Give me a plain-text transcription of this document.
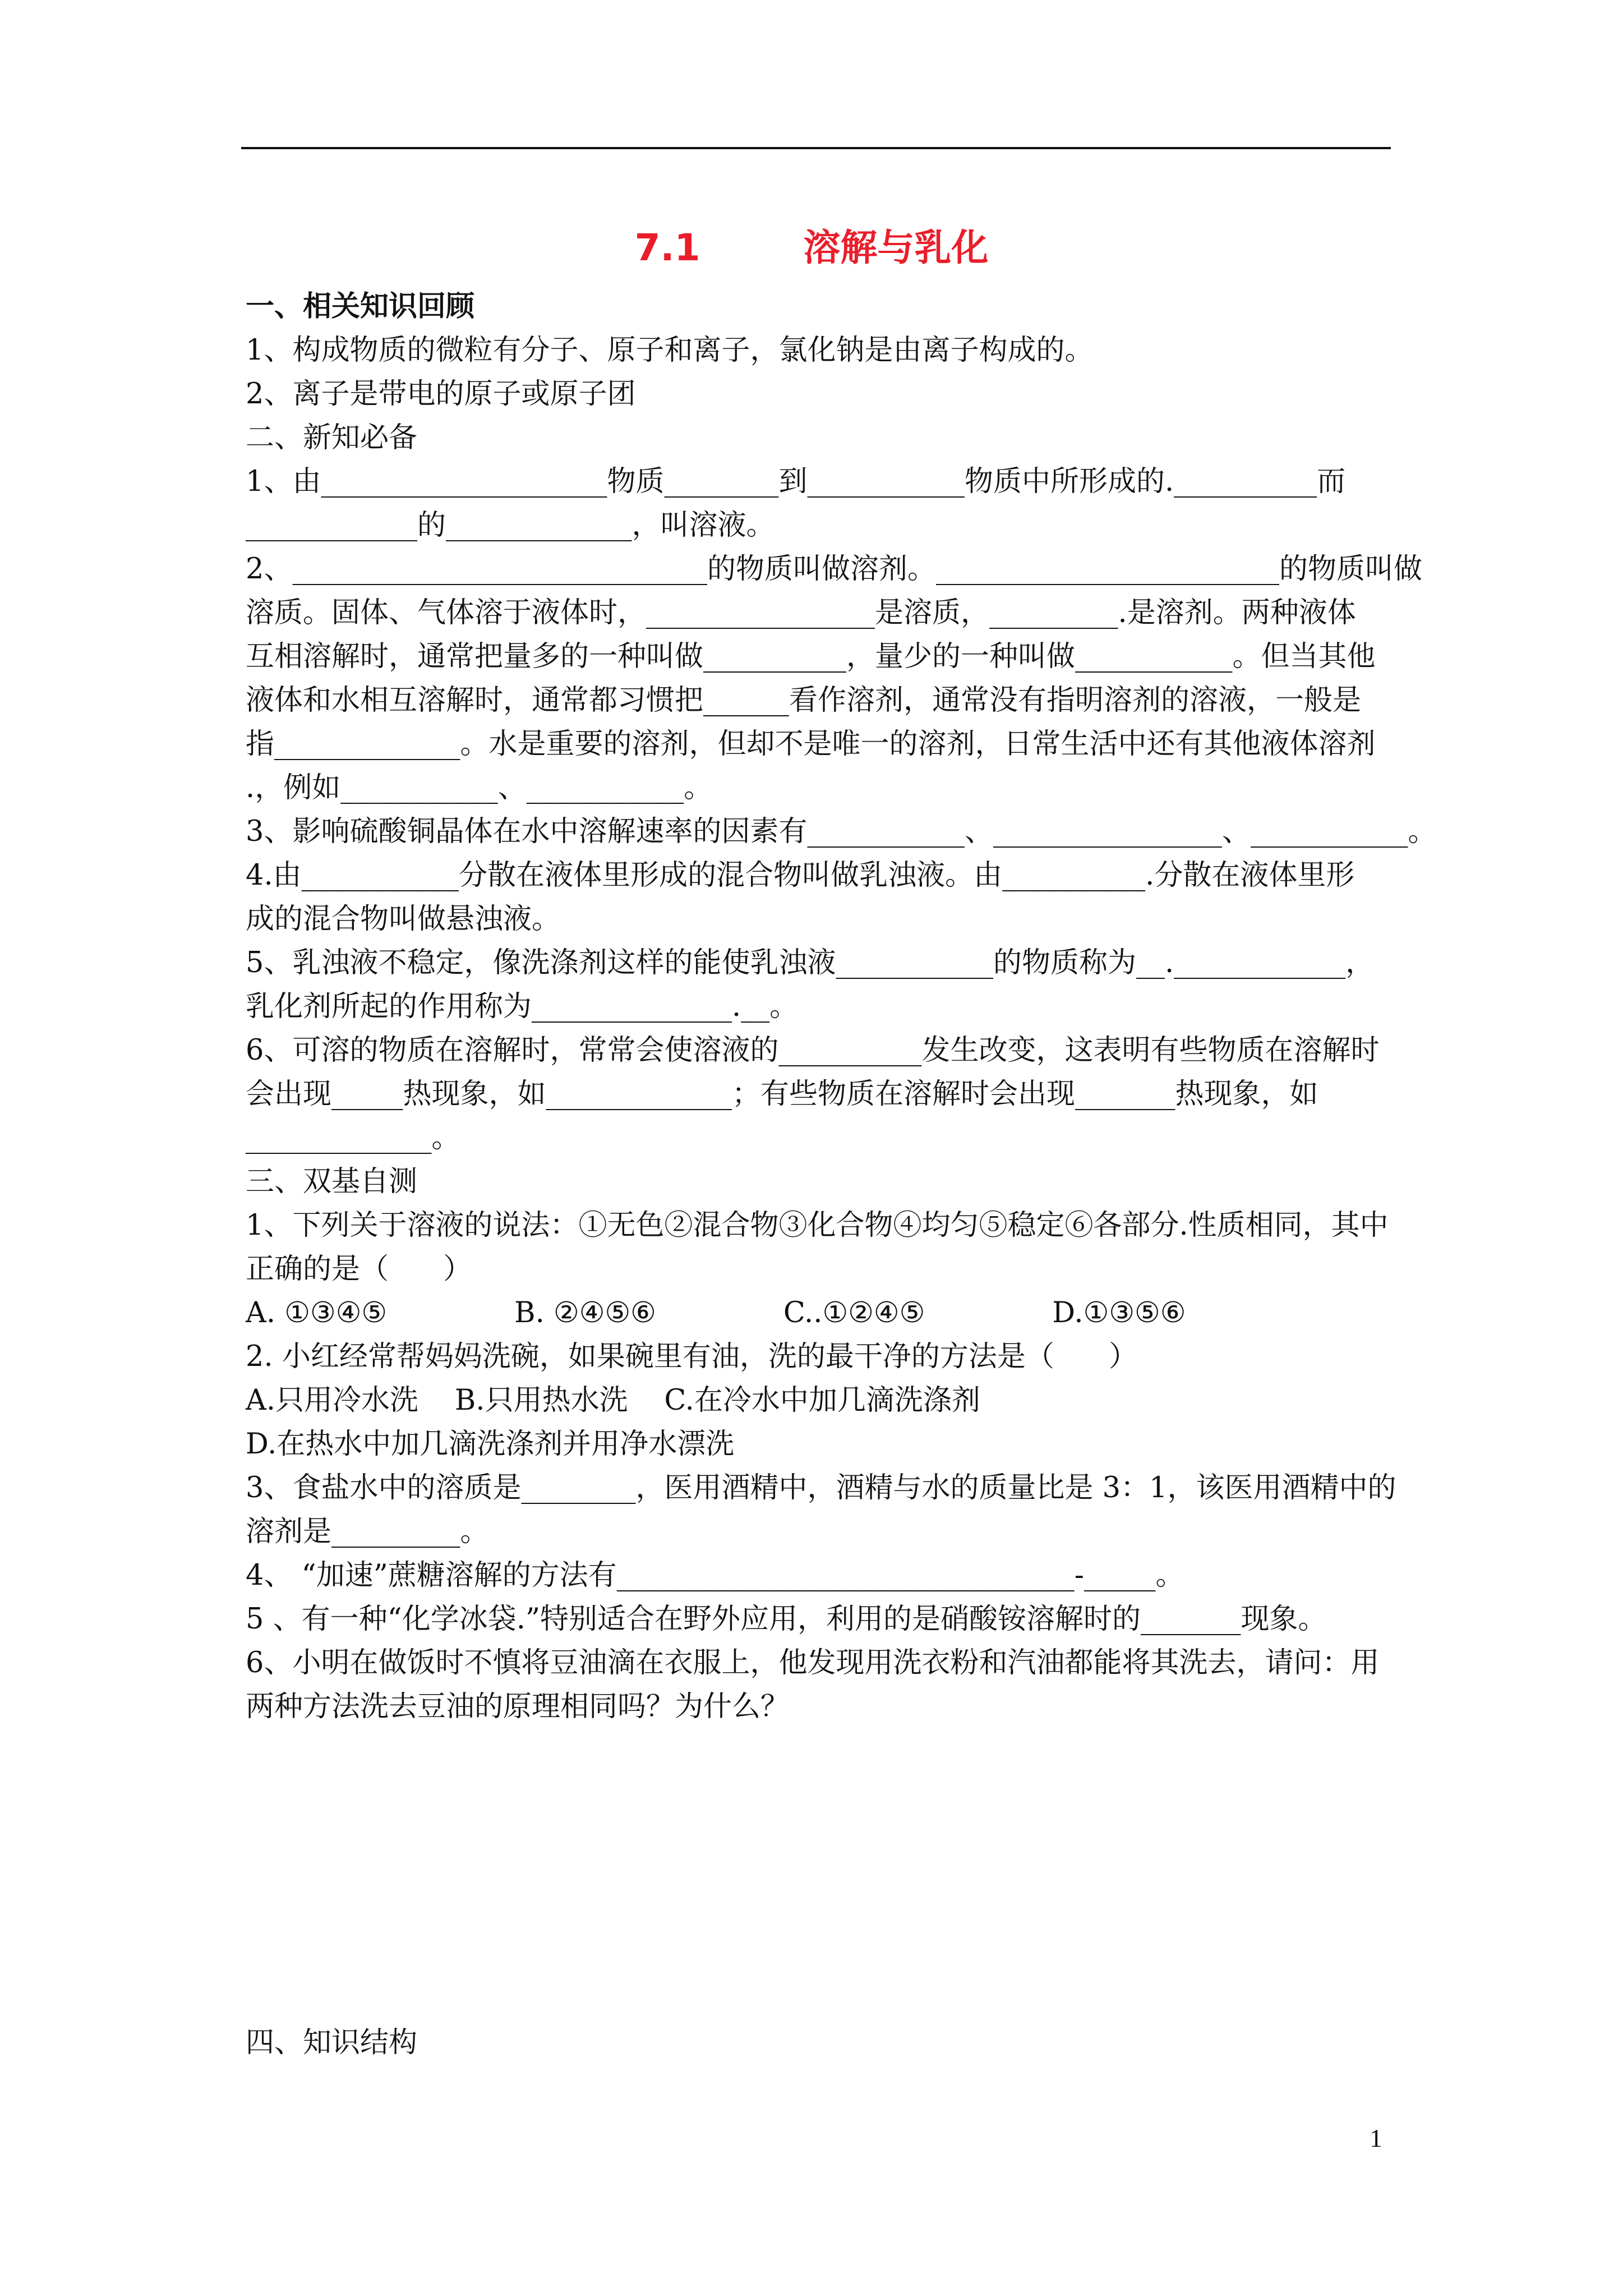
7.1        溶解与乳化
一、相关知识回顾
1、构成物质的微粒有分子、原子和离子，氯化钠是由离子构成的。
2、离子是带电的原子或原子团
二、新知必备
1、由____________________物质________到___________物质中所形成的.__________而
____________的_____________，叫溶液。
2、_____________________________的物质叫做溶剂。________________________的物质叫做
溶质。固体、气体溶于液体时，________________是溶质，_________.是溶剂。两种液体
互相溶解时，通常把量多的一种叫做__________，量少的一种叫做___________。但当其他
液体和水相互溶解时，通常都习惯把______看作溶剂，通常没有指明溶剂的溶液，一般是
指_____________。水是重要的溶剂，但却不是唯一的溶剂，日常生活中还有其他液体溶剂
.，例如___________、___________。
3、影响硫酸铜晶体在水中溶解速率的因素有___________、________________、___________。
4.由___________分散在液体里形成的混合物叫做乳浊液。由__________.分散在液体里形
成的混合物叫做悬浊液。
5、乳浊液不稳定，像洗涤剂这样的能使乳浊液___________的物质称为__.____________，
乳化剂所起的作用称为______________.__。
6、可溶的物质在溶解时，常常会使溶液的__________发生改变，这表明有些物质在溶解时
会出现_____热现象，如_____________；有些物质在溶解时会出现_______热现象，如
_____________。
三、双基自测
1、下列关于溶液的说法：①无色②混合物③化合物④均匀⑤稳定⑥各部分.性质相同，其中
正确的是（      ）
A. ①③④⑤              B. ②④⑤⑥              C..①②④⑤              D.①③⑤⑥
2. 小红经常帮妈妈洗碗，如果碗里有油，洗的最干净的方法是（      ）
A.只用冷水洗    B.只用热水洗    C.在冷水中加几滴洗涤剂
D.在热水中加几滴洗涤剂并用净水漂洗
3、食盐水中的溶质是________，医用酒精中，酒精与水的质量比是 3：1，该医用酒精中的
溶剂是_________。
4、 “加速”蔗糖溶解的方法有________________________________-_____。
5 、有一种“化学冰袋.”特别适合在野外应用，利用的是硝酸铵溶解时的_______现象。
6、小明在做饭时不慎将豆油滴在衣服上，他发现用洗衣粉和汽油都能将其洗去，请问：用
两种方法洗去豆油的原理相同吗？为什么？
四、知识结构
1
